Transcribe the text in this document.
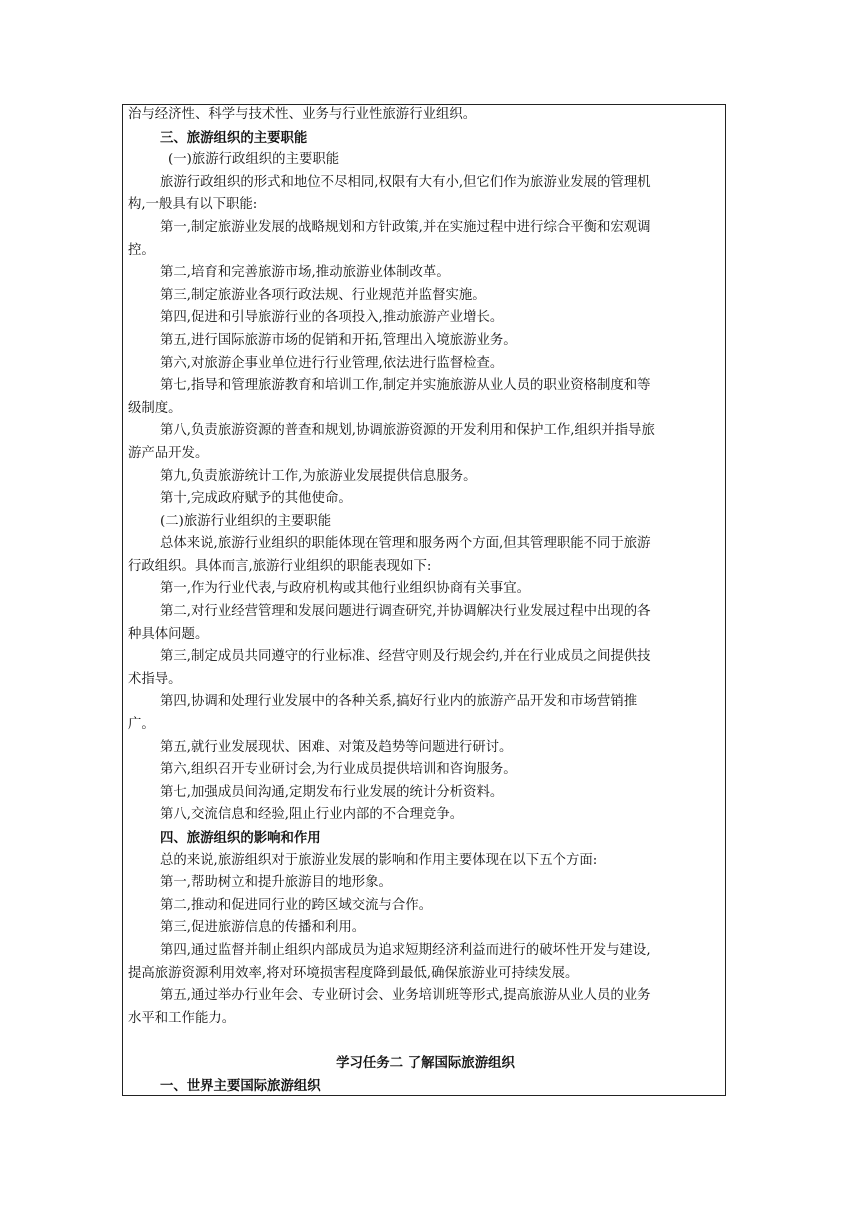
治与经济性、科学与技术性、业务与行业性旅游行业组织。
三、旅游组织的主要职能
(一)旅游行政组织的主要职能
旅游行政组织的形式和地位不尽相同,权限有大有小,但它们作为旅游业发展的管理机
构,一般具有以下职能:
第一,制定旅游业发展的战略规划和方针政策,并在实施过程中进行综合平衡和宏观调
控。
第二,培育和完善旅游市场,推动旅游业体制改革。
第三,制定旅游业各项行政法规、行业规范并监督实施。
第四,促进和引导旅游行业的各项投入,推动旅游产业增长。
第五,进行国际旅游市场的促销和开拓,管理出入境旅游业务。
第六,对旅游企事业单位进行行业管理,依法进行监督检查。
第七,指导和管理旅游教育和培训工作,制定并实施旅游从业人员的职业资格制度和等
级制度。
第八,负责旅游资源的普查和规划,协调旅游资源的开发利用和保护工作,组织并指导旅
游产品开发。
第九,负责旅游统计工作,为旅游业发展提供信息服务。
第十,完成政府赋予的其他使命。
(二)旅游行业组织的主要职能
总体来说,旅游行业组织的职能体现在管理和服务两个方面,但其管理职能不同于旅游
行政组织。具体而言,旅游行业组织的职能表现如下:
第一,作为行业代表,与政府机构或其他行业组织协商有关事宜。
第二,对行业经营管理和发展问题进行调查研究,并协调解决行业发展过程中出现的各
种具体问题。
第三,制定成员共同遵守的行业标准、经营守则及行规会约,并在行业成员之间提供技
术指导。
第四,协调和处理行业发展中的各种关系,搞好行业内的旅游产品开发和市场营销推
广。
第五,就行业发展现状、困难、对策及趋势等问题进行研讨。
第六,组织召开专业研讨会,为行业成员提供培训和咨询服务。
第七,加强成员间沟通,定期发布行业发展的统计分析资料。
第八,交流信息和经验,阻止行业内部的不合理竞争。
四、旅游组织的影响和作用
总的来说,旅游组织对于旅游业发展的影响和作用主要体现在以下五个方面:
第一,帮助树立和提升旅游目的地形象。
第二,推动和促进同行业的跨区域交流与合作。
第三,促进旅游信息的传播和利用。
第四,通过监督并制止组织内部成员为追求短期经济利益而进行的破坏性开发与建设,
提高旅游资源利用效率,将对环境损害程度降到最低,确保旅游业可持续发展。
第五,通过举办行业年会、专业研讨会、业务培训班等形式,提高旅游从业人员的业务
水平和工作能力。
学习任务二 了解国际旅游组织
一、世界主要国际旅游组织
